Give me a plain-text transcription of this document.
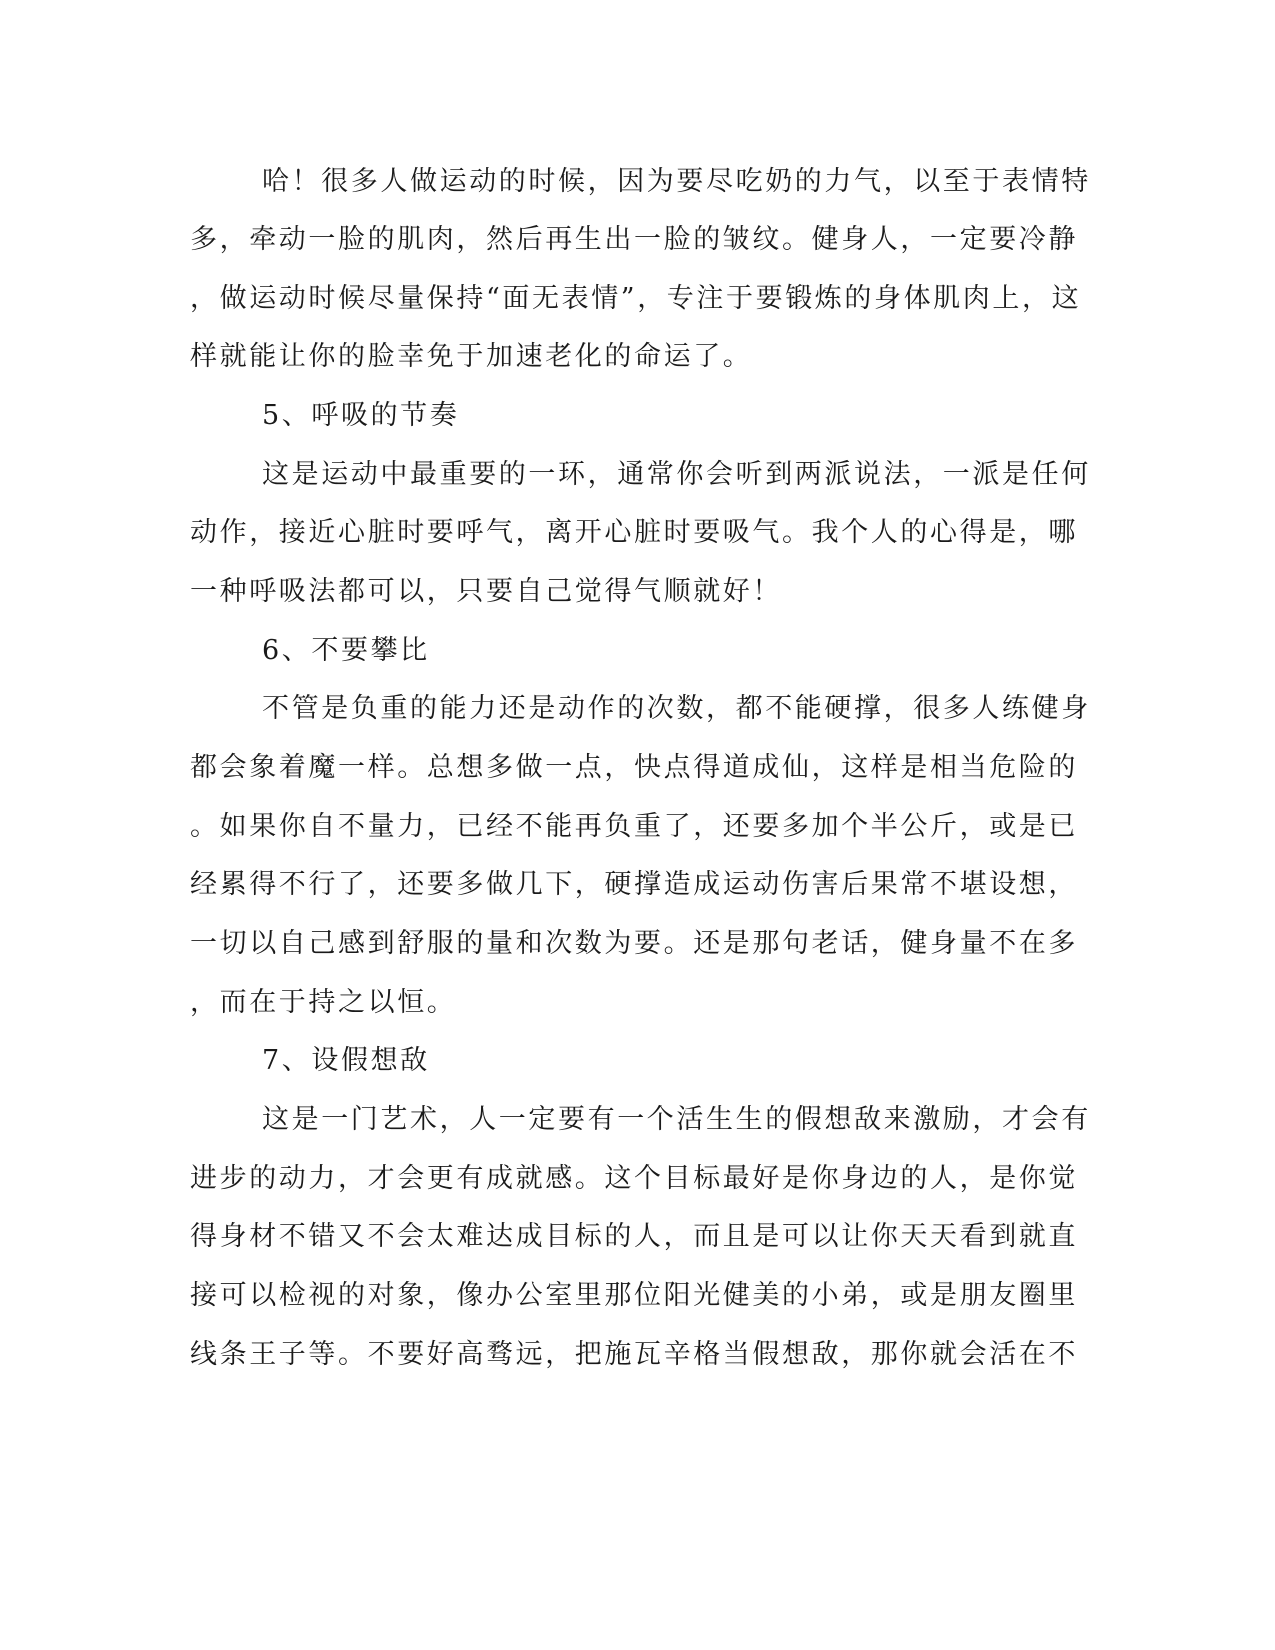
哈！很多人做运动的时候，因为要尽吃奶的力气，以至于表情特
多，牵动一脸的肌肉，然后再生出一脸的皱纹。健身人，一定要冷静
，做运动时候尽量保持“面无表情”，专注于要锻炼的身体肌肉上，这
样就能让你的脸幸免于加速老化的命运了。
5、呼吸的节奏
这是运动中最重要的一环，通常你会听到两派说法，一派是任何
动作，接近心脏时要呼气，离开心脏时要吸气。我个人的心得是，哪
一种呼吸法都可以，只要自己觉得气顺就好！
6、不要攀比
不管是负重的能力还是动作的次数，都不能硬撑，很多人练健身
都会象着魔一样。总想多做一点，快点得道成仙，这样是相当危险的
。如果你自不量力，已经不能再负重了，还要多加个半公斤，或是已
经累得不行了，还要多做几下，硬撑造成运动伤害后果常不堪设想，
一切以自己感到舒服的量和次数为要。还是那句老话，健身量不在多
，而在于持之以恒。
7、设假想敌
这是一门艺术，人一定要有一个活生生的假想敌来激励，才会有
进步的动力，才会更有成就感。这个目标最好是你身边的人，是你觉
得身材不错又不会太难达成目标的人，而且是可以让你天天看到就直
接可以检视的对象，像办公室里那位阳光健美的小弟，或是朋友圈里
线条王子等。不要好高骛远，把施瓦辛格当假想敌，那你就会活在不
